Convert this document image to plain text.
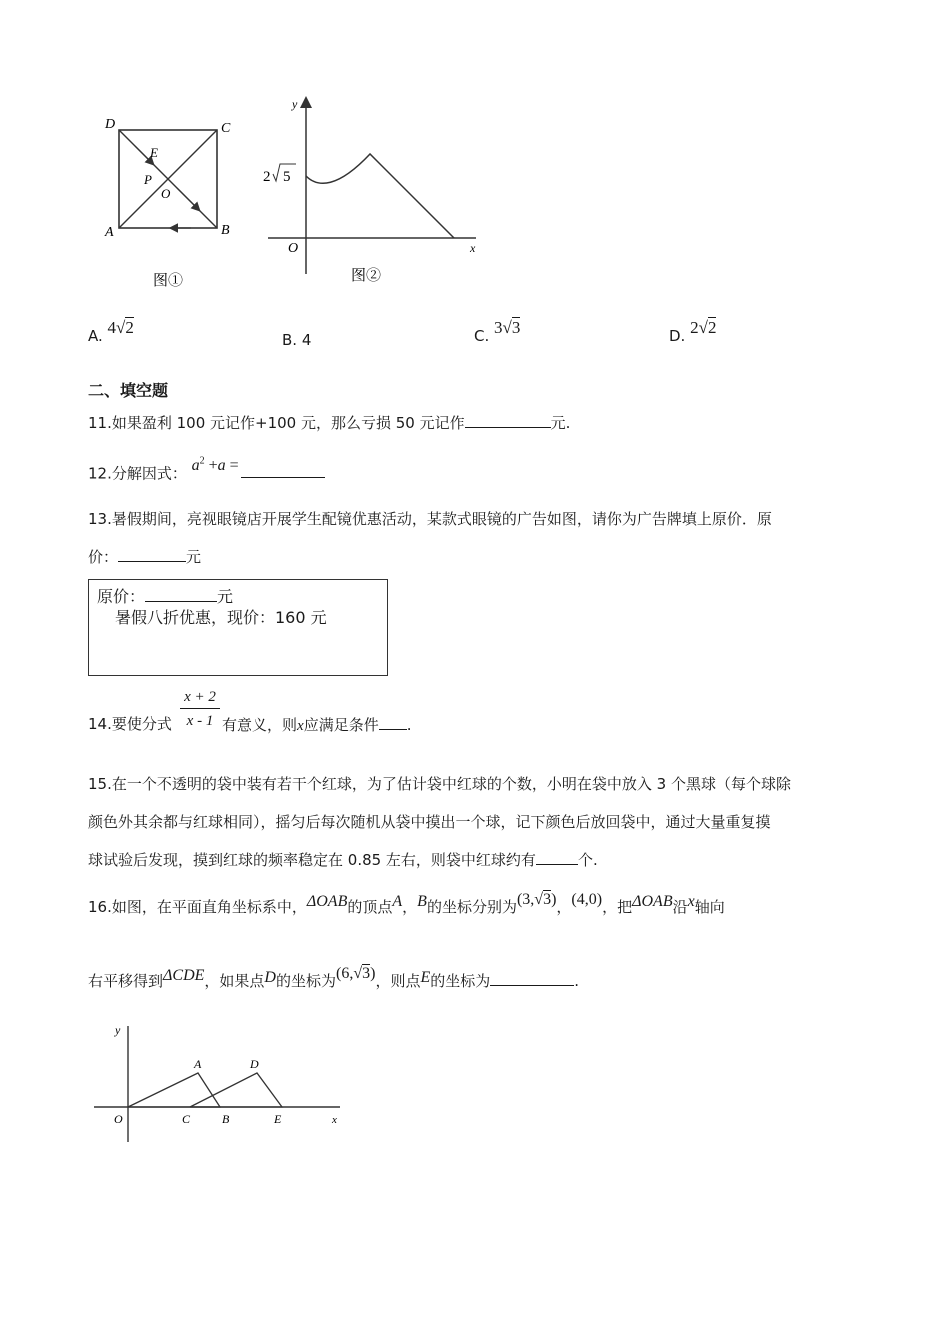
D	C
A	B
E
P
O
图①
y
x
O
2 5
图②
A. 4√2
B. 4	C. 3√3	D. 2√2
二、填空题
11.如果盈利 100 元记作+100 元，那么亏损 50 元记作	元.
12.分解因式： $a^2 +a$ =
13.暑假期间，亮视眼镜店开展学生配镜优惠活动，某款式眼镜的广告如图，请你为广告牌填上原价．原
价：	元
原价：	元
暑假八折优惠，现价：160 元
14.要使分式 $\frac{x + 2}{x - 1}$ 有意义，则x应满足条件 .
15.在一个不透明的袋中装有若干个红球，为了估计袋中红球的个数，小明在袋中放入 3 个黑球（每个球除
颜色外其余都与红球相同），摇匀后每次随机从袋中摸出一个球，记下颜色后放回袋中，通过大量重复摸
球试验后发现，摸到红球的频率稳定在 0.85 左右，则袋中红球约有	个.
16.如图，在平面直角坐标系中，ΔOAB的顶点A，B的坐标分别为(3,√3)，(4,0)，把ΔOAB沿x轴向
右平移得到ΔCDE，如果点D的坐标为(6,√3)，则点E的坐标为	.
y
A	D
O	C	B	E	x
